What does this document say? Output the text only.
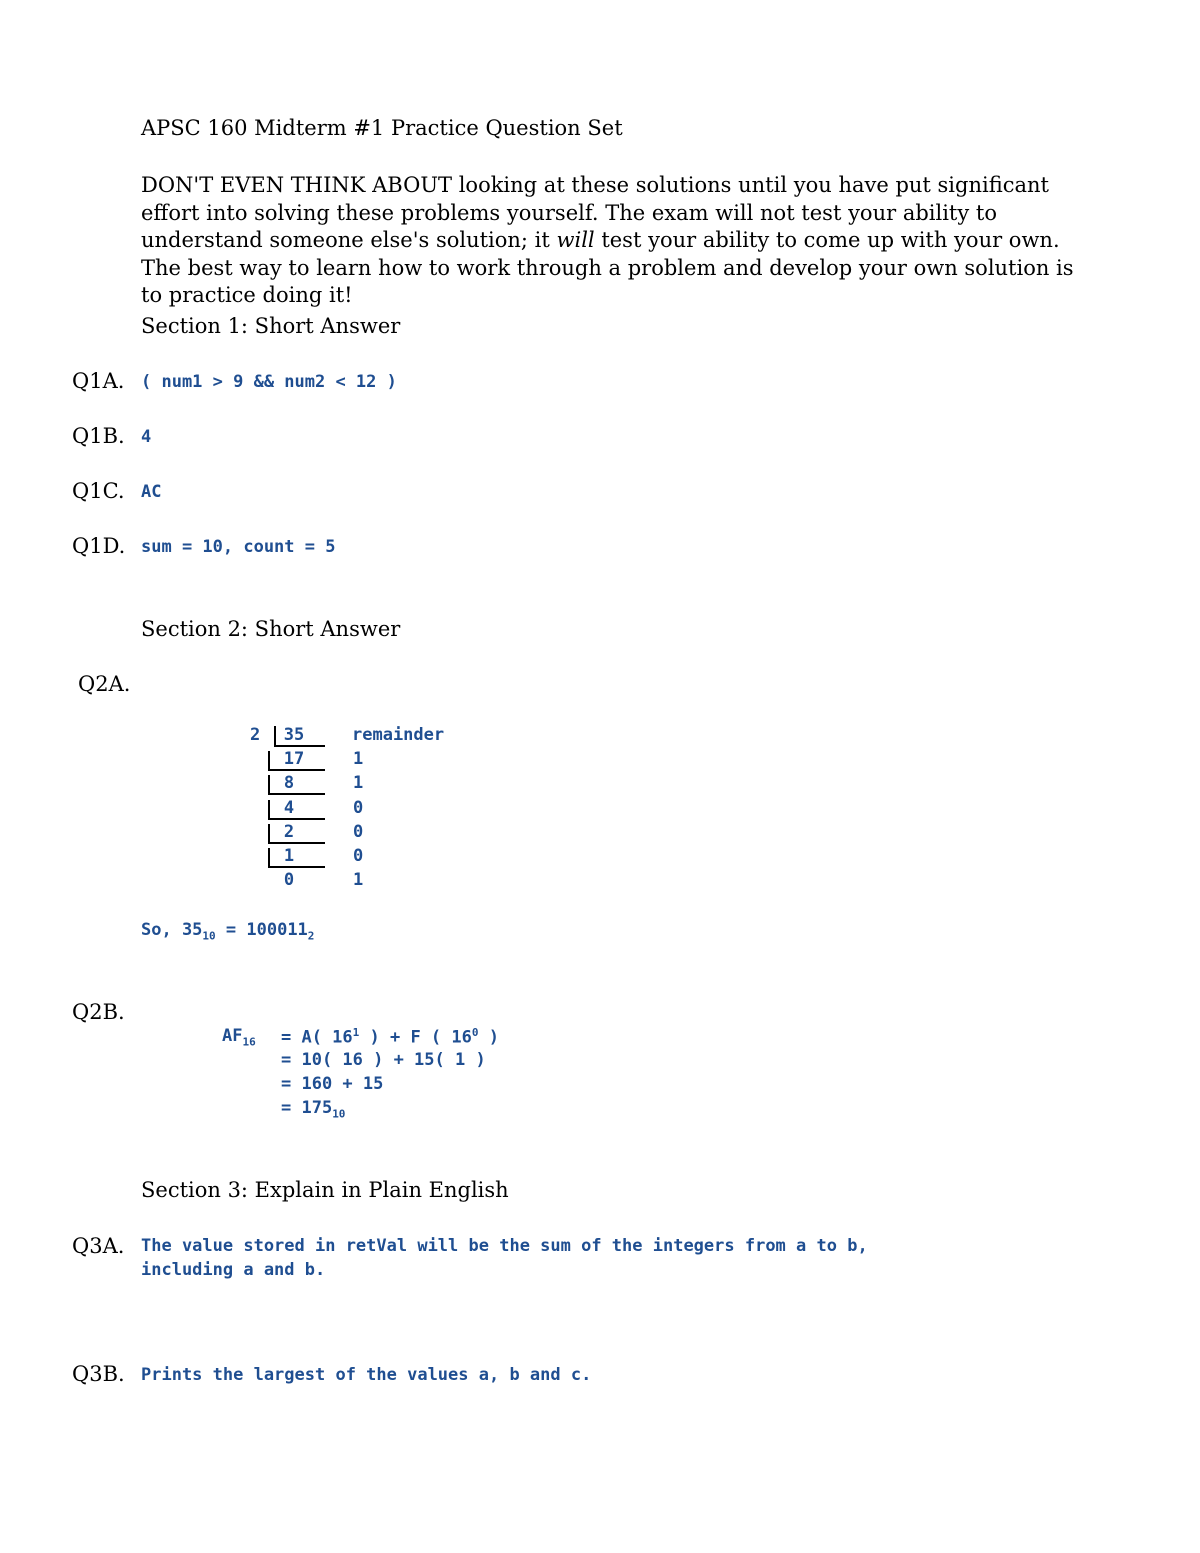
APSC 160 Midterm #1 Practice Question Set
DON'T EVEN THINK ABOUT looking at these solutions until you have put significant effort into solving these problems yourself. The exam will not test your ability to understand someone else's solution; it will test your ability to come up with your own. The best way to learn how to work through a problem and develop your own solution is to practice doing it!
Section 1: Short Answer
Q1A. ( num1 > 9 && num2 < 12 )
Q1B. 4
Q1C. AC
Q1D. sum = 10, count = 5
Section 2: Short Answer
Q2A.
2	remainder
35
17
8
4
2
1
0
1
1
0
0
0
1
So, $35_{10} = 100011_2$
Q2B.
$AF_{16} = A$( $16^1$ ) + F ( $16^0$ )
= 10( 16 ) + 15( 1 )
= 160 + 15
= $175_{10}$
Section 3: Explain in Plain English
Q3A. The value stored in retVal will be the sum of the integers from a to b,
including a and b.
Q3B. Prints the largest of the values a, b and c.
